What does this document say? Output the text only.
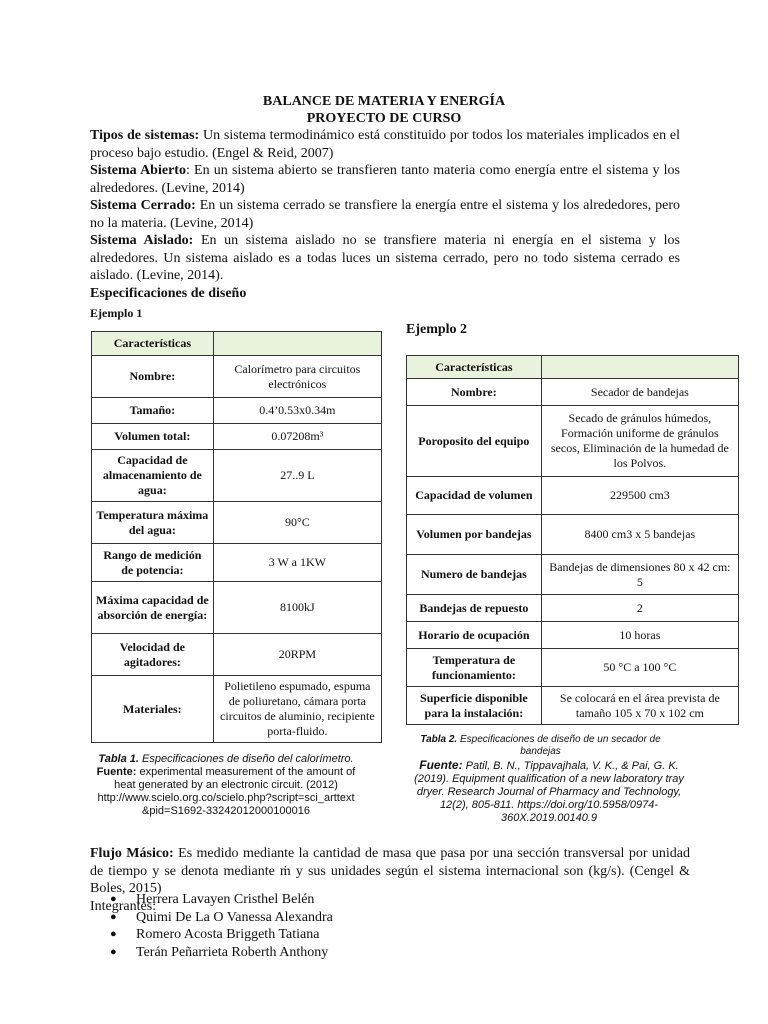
BALANCE DE MATERIA Y ENERGÍA
PROYECTO DE CURSO
Tipos de sistemas: Un sistema termodinámico está constituido por todos los materiales implicados en el proceso bajo estudio. (Engel & Reid, 2007)
Sistema Abierto: En un sistema abierto se transfieren tanto materia como energía entre el sistema y los alrededores. (Levine, 2014)
Sistema Cerrado: En un sistema cerrado se transfiere la energía entre el sistema y los alrededores, pero no la materia. (Levine, 2014)
Sistema Aislado: En un sistema aislado no se transfiere materia ni energía en el sistema y los alrededores. Un sistema aislado es a todas luces un sistema cerrado, pero no todo sistema cerrado es aislado. (Levine, 2014).
Especificaciones de diseño
Ejemplo 1
Características	
Nombre:	Calorímetro para circuitos electrónicos
Tamaño:	0.4’0.53x0.34m
Volumen total:	0.07208m³
Capacidad de almacenamiento de agua:	27..9 L
Temperatura máxima del agua:	90°C
Rango de medición de potencia:	3 W a 1KW
Máxima capacidad de absorción de energía:	8100kJ
Velocidad de agitadores:	20RPM
Materiales:	Polietileno espumado, espuma de poliuretano, cámara porta circuitos de aluminio, recipiente porta-fluido.
Tabla 1. Especificaciones de diseño del calorímetro.
Fuente: experimental measurement of the amount of heat generated by an electronic circuit. (2012) http://www.scielo.org.co/scielo.php?script=sci_arttext &pid=S1692-33242012000100016
Ejemplo 2
Características	
Nombre:	Secador de bandejas
Poroposito del equipo	Secado de gránulos húmedos, Formación uniforme de gránulos secos, Eliminación de la humedad de los Polvos.
Capacidad de volumen	229500 cm3
Volumen por bandejas	8400 cm3 x 5 bandejas
Numero de bandejas	Bandejas de dimensiones 80 x 42 cm: 5
Bandejas de repuesto	2
Horario de ocupación	10 horas
Temperatura de funcionamiento:	50 °C a 100 °C
Superficie disponible para la instalación:	Se colocará en el área prevista de tamaño 105 x 70 x 102 cm
Tabla 2. Especificaciones de diseño de un secador de bandejas
Fuente: Patil, B. N., Tippavajhala, V. K., & Pai, G. K. (2019). Equipment qualification of a new laboratory tray dryer. Research Journal of Pharmacy and Technology, 12(2), 805-811. https://doi.org/10.5958/0974-360X.2019.00140.9
Flujo Másico: Es medido mediante la cantidad de masa que pasa por una sección transversal por unidad de tiempo y se denota mediante ṁ y sus unidades según el sistema internacional son (kg/s). (Cengel & Boles, 2015)
Integrantes:
● Herrera Lavayen Cristhel Belén
● Quimi De La O Vanessa Alexandra
● Romero Acosta Briggeth Tatiana
● Terán Peñarrieta Roberth Anthony
